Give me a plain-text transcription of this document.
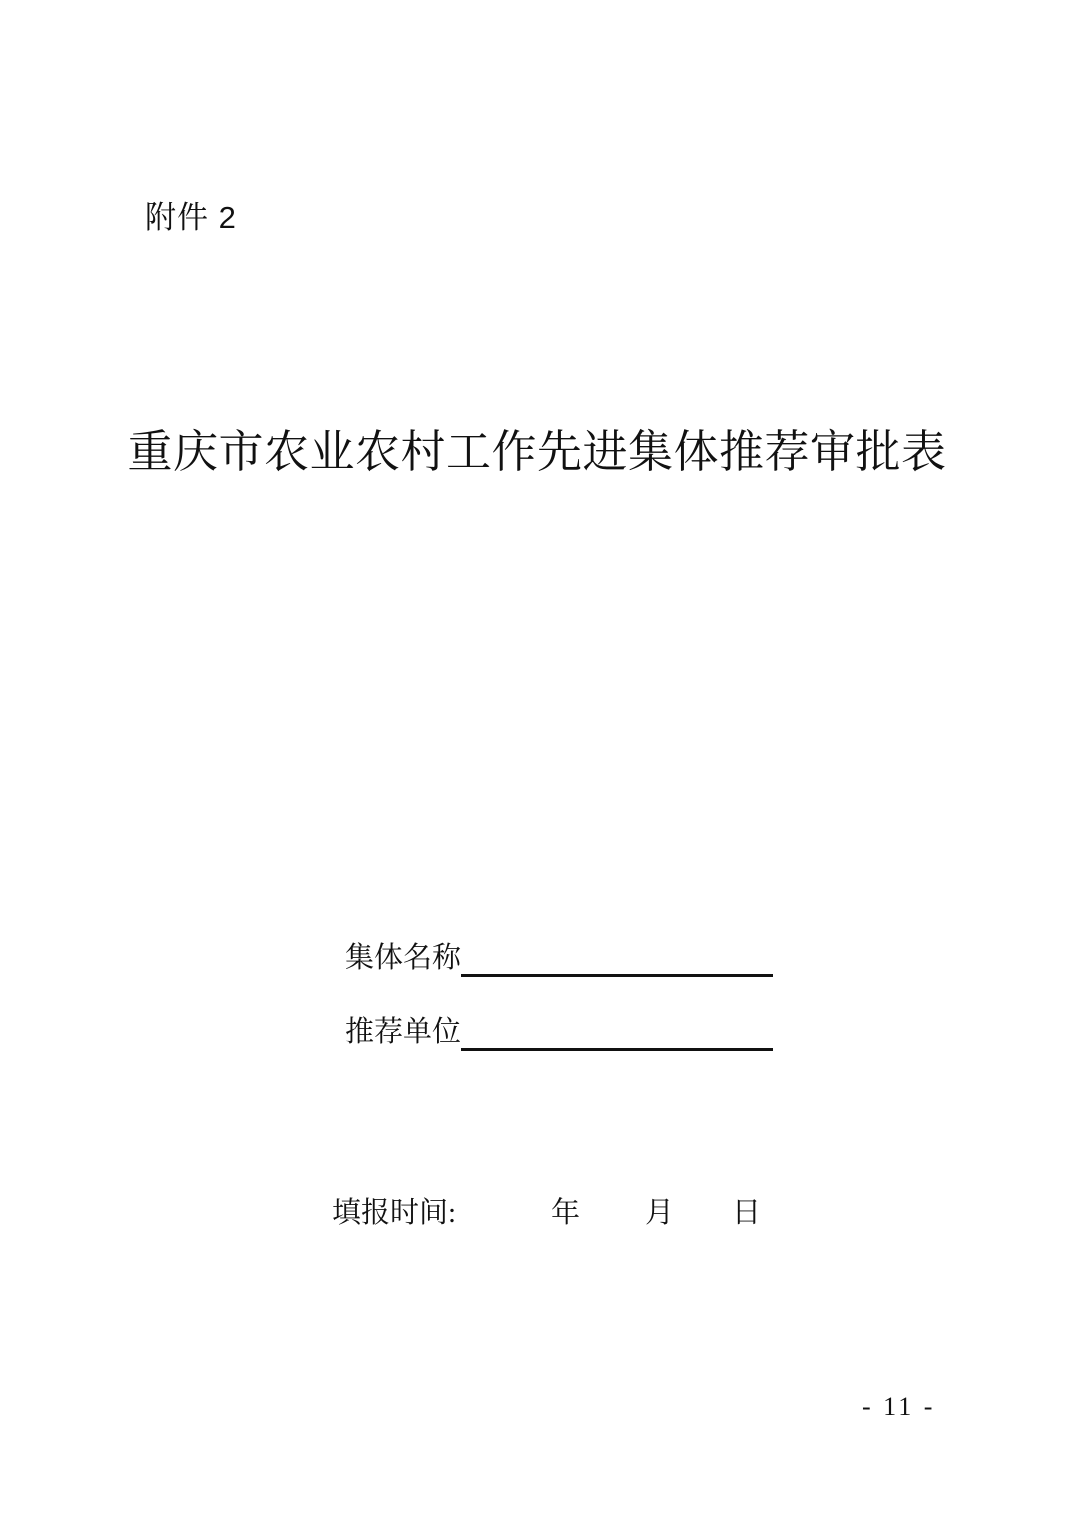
附件 2
重庆市农业农村工作先进集体推荐审批表
集体名称
推荐单位
填报时间:	年 月 日
- 11 -
